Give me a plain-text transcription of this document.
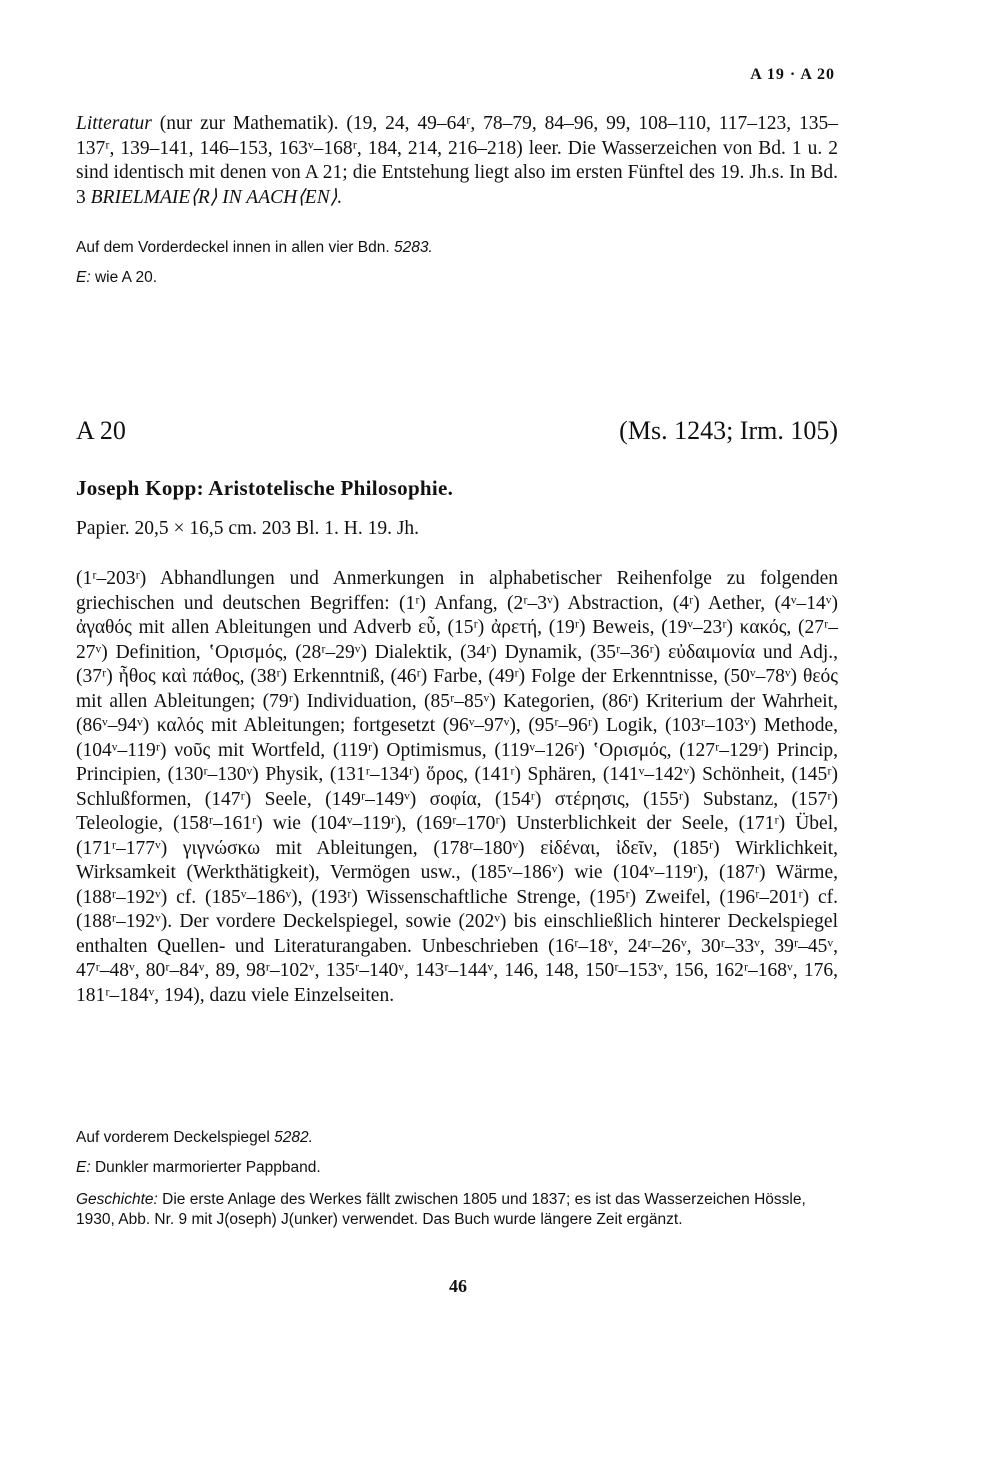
A 19 · A 20
Litteratur (nur zur Mathematik). (19, 24, 49–64ʳ, 78–79, 84–96, 99, 108–110, 117–123, 135–137ʳ, 139–141, 146–153, 163ᵛ–168ʳ, 184, 214, 216–218) leer. Die Wasserzeichen von Bd. 1 u. 2 sind identisch mit denen von A 21; die Entstehung liegt also im ersten Fünftel des 19. Jh.s. In Bd. 3 BRIELMAIE⟨R⟩ IN AACH⟨EN⟩.
Auf dem Vorderdeckel innen in allen vier Bdn. 5283.
E: wie A 20.
A 20	(Ms. 1243; Irm. 105)
Joseph Kopp: Aristotelische Philosophie.
Papier. 20,5 × 16,5 cm. 203 Bl. 1. H. 19. Jh.
(1ʳ–203ʳ) Abhandlungen und Anmerkungen in alphabetischer Reihenfolge zu folgenden griechischen und deutschen Begriffen: (1ʳ) Anfang, (2ʳ–3ᵛ) Abstraction, (4ʳ) Aether, (4ᵛ–14ᵛ) ἀγαθός mit allen Ableitungen und Adverb εὖ, (15ʳ) ἀρετή, (19ʳ) Beweis, (19ᵛ–23ʳ) κακός, (27ʳ–27ᵛ) Definition, ʽΟρισμός, (28ʳ–29ᵛ) Dialektik, (34ʳ) Dynamik, (35ʳ–36ʳ) εὐδαιμονία und Adj., (37ʳ) ἦθος καὶ πάθος, (38ʳ) Erkenntniß, (46ʳ) Farbe, (49ʳ) Folge der Erkenntnisse, (50ᵛ–78ᵛ) θεός mit allen Ableitungen; (79ʳ) Individuation, (85ʳ–85ᵛ) Kategorien, (86ʳ) Kriterium der Wahrheit, (86ᵛ–94ᵛ) καλός mit Ableitungen; fortgesetzt (96ᵛ–97ᵛ), (95ʳ–96ʳ) Logik, (103ʳ–103ᵛ) Methode, (104ᵛ–119ʳ) νοῦς mit Wortfeld, (119ʳ) Optimismus, (119ᵛ–126ʳ) ʽΟρισμός, (127ʳ–129ʳ) Princip, Principien, (130ʳ–130ᵛ) Physik, (131ʳ–134ʳ) ὅρος, (141ʳ) Sphären, (141ᵛ–142ᵛ) Schönheit, (145ʳ) Schlußformen, (147ʳ) Seele, (149ʳ–149ᵛ) σοφία, (154ʳ) στέρησις, (155ʳ) Substanz, (157ʳ) Teleologie, (158ʳ–161ʳ) wie (104ᵛ–119ʳ), (169ʳ–170ʳ) Unsterblichkeit der Seele, (171ʳ) Übel, (171ʳ–177ᵛ) γιγνώσκω mit Ableitungen, (178ʳ–180ᵛ) εἰδέναι, ἰδεῖν, (185ʳ) Wirklichkeit, Wirksamkeit (Werkthätigkeit), Vermögen usw., (185ᵛ–186ᵛ) wie (104ᵛ–119ʳ), (187ʳ) Wärme, (188ʳ–192ᵛ) cf. (185ᵛ–186ᵛ), (193ʳ) Wissenschaftliche Strenge, (195ʳ) Zweifel, (196ʳ–201ʳ) cf. (188ʳ–192ᵛ). Der vordere Deckelspiegel, sowie (202ᵛ) bis einschließlich hinterer Deckelspiegel enthalten Quellen- und Literaturangaben. Unbeschrieben (16ʳ–18ᵛ, 24ʳ–26ᵛ, 30ʳ–33ᵛ, 39ʳ–45ᵛ, 47ʳ–48ᵛ, 80ʳ–84ᵛ, 89, 98ʳ–102ᵛ, 135ʳ–140ᵛ, 143ʳ–144ᵛ, 146, 148, 150ʳ–153ᵛ, 156, 162ʳ–168ᵛ, 176, 181ʳ–184ᵛ, 194), dazu viele Einzelseiten.
Auf vorderem Deckelspiegel 5282.
E: Dunkler marmorierter Pappband.
Geschichte: Die erste Anlage des Werkes fällt zwischen 1805 und 1837; es ist das Wasserzeichen Hössle, 1930, Abb. Nr. 9 mit J(oseph) J(unker) verwendet. Das Buch wurde längere Zeit ergänzt.
46
